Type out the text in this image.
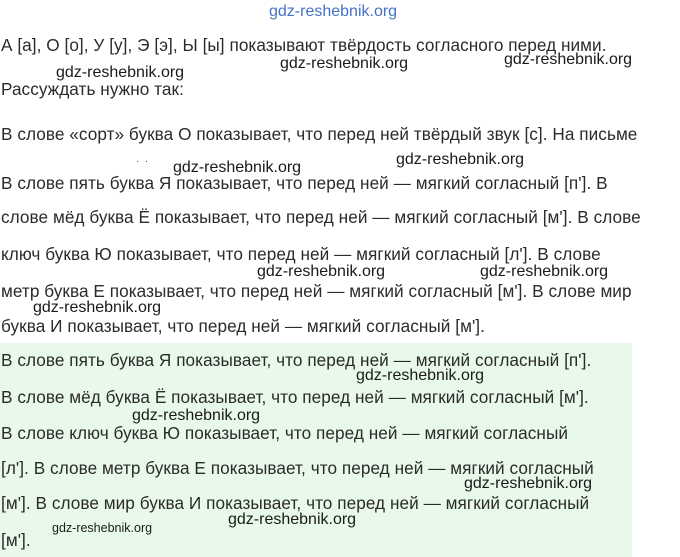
gdz-reshebnik.org
А [а], О [о], У [у], Э [э], Ы [ы] показывают твёрдость согласного перед ними.
Рассуждать нужно так:
В слове «сорт» буква О показывает, что перед ней твёрдый звук [с]. На письме
·  ·
В слове пять буква Я показывает, что перед ней — мягкий согласный [п']. В
слове мёд буква Ё показывает, что перед ней — мягкий согласный [м']. В слове
ключ буква Ю показывает, что перед ней — мягкий согласный [л']. В слове
метр буква Е показывает, что перед ней — мягкий согласный [м']. В слове мир
буква И показывает, что перед ней — мягкий согласный [м'].
В слове пять буква Я показывает, что перед ней — мягкий согласный [п'].
В слове мёд буква Ё показывает, что перед ней — мягкий согласный [м'].
В слове ключ буква Ю показывает, что перед ней — мягкий согласный
[л']. В слове метр буква Е показывает, что перед ней — мягкий согласный
[м']. В слове мир буква И показывает, что перед ней — мягкий согласный
[м'].
gdz-reshebnik.org
gdz-reshebnik.org	gdz-reshebnik.org
gdz-reshebnik.org	gdz-reshebnik.org
gdz-reshebnik.org	gdz-reshebnik.org
gdz-reshebnik.org
gdz-reshebnik.org
gdz-reshebnik.org
gdz-reshebnik.org
gdz-reshebnik.org
gdz-reshebnik.org
